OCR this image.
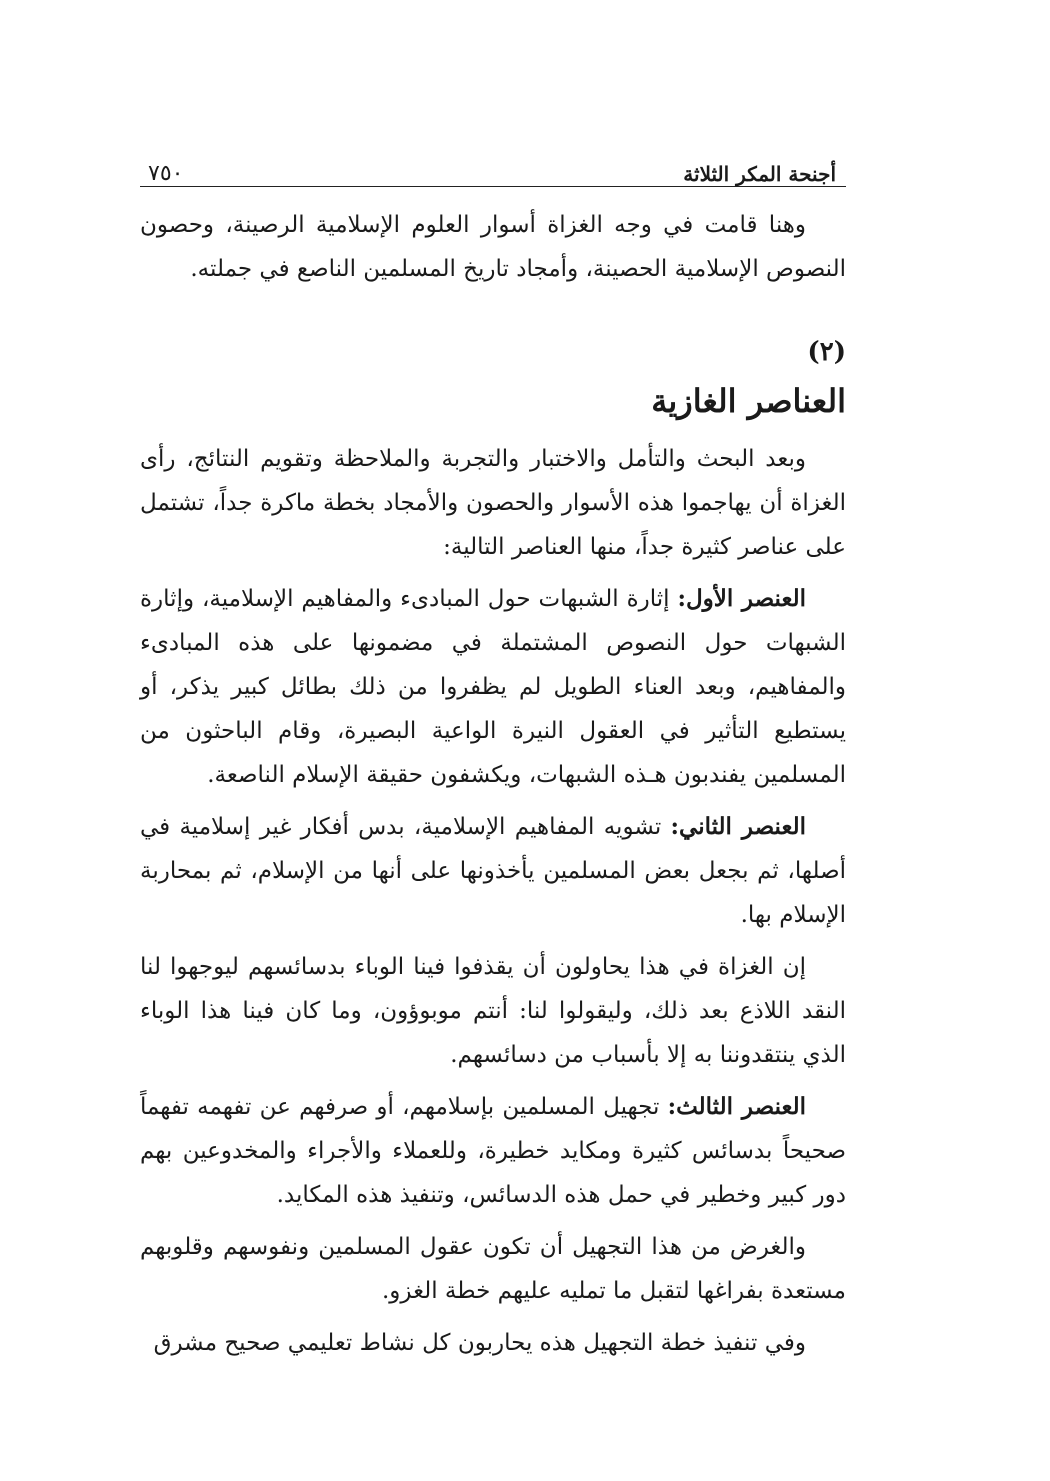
أجنحة المكر الثلاثة
٧٥٠

وهنا قامت في وجه الغزاة أسوار العلوم الإسلامية الرصينة، وحصون النصوص الإسلامية الحصينة، وأمجاد تاريخ المسلمين الناصع في جملته.

(٢)
العناصر الغازية

وبعد البحث والتأمل والاختبار والتجربة والملاحظة وتقويم النتائج، رأى الغزاة أن يهاجموا هذه الأسوار والحصون والأمجاد بخطة ماكرة جداً، تشتمل على عناصر كثيرة جداً، منها العناصر التالية:

العنصر الأول: إثارة الشبهات حول المبادىء والمفاهيم الإسلامية، وإثارة الشبهات حول النصوص المشتملة في مضمونها على هذه المبادىء والمفاهيم، وبعد العناء الطويل لم يظفروا من ذلك بطائل كبير يذكر، أو يستطيع التأثير في العقول النيرة الواعية البصيرة، وقام الباحثون من المسلمين يفندبون هـذه الشبهات، ويكشفون حقيقة الإسلام الناصعة.

العنصر الثاني: تشويه المفاهيم الإسلامية، بدس أفكار غير إسلامية في أصلها، ثم بجعل بعض المسلمين يأخذونها على أنها من الإسلام، ثم بمحاربة الإسلام بها.

إن الغزاة في هذا يحاولون أن يقذفوا فينا الوباء بدسائسهم ليوجهوا لنا النقد اللاذع بعد ذلك، وليقولوا لنا: أنتم موبوؤون، وما كان فينا هذا الوباء الذي ينتقدوننا به إلا بأسباب من دسائسهم.

العنصر الثالث: تجهيل المسلمين بإسلامهم، أو صرفهم عن تفهمه تفهماً صحيحاً بدسائس كثيرة ومكايد خطيرة، وللعملاء والأجراء والمخدوعين بهم دور كبير وخطير في حمل هذه الدسائس، وتنفيذ هذه المكايد.

والغرض من هذا التجهيل أن تكون عقول المسلمين ونفوسهم وقلوبهم مستعدة بفراغها لتقبل ما تمليه عليهم خطة الغزو.

وفي تنفيذ خطة التجهيل هذه يحاربون كل نشاط تعليمي صحيح مشرق
